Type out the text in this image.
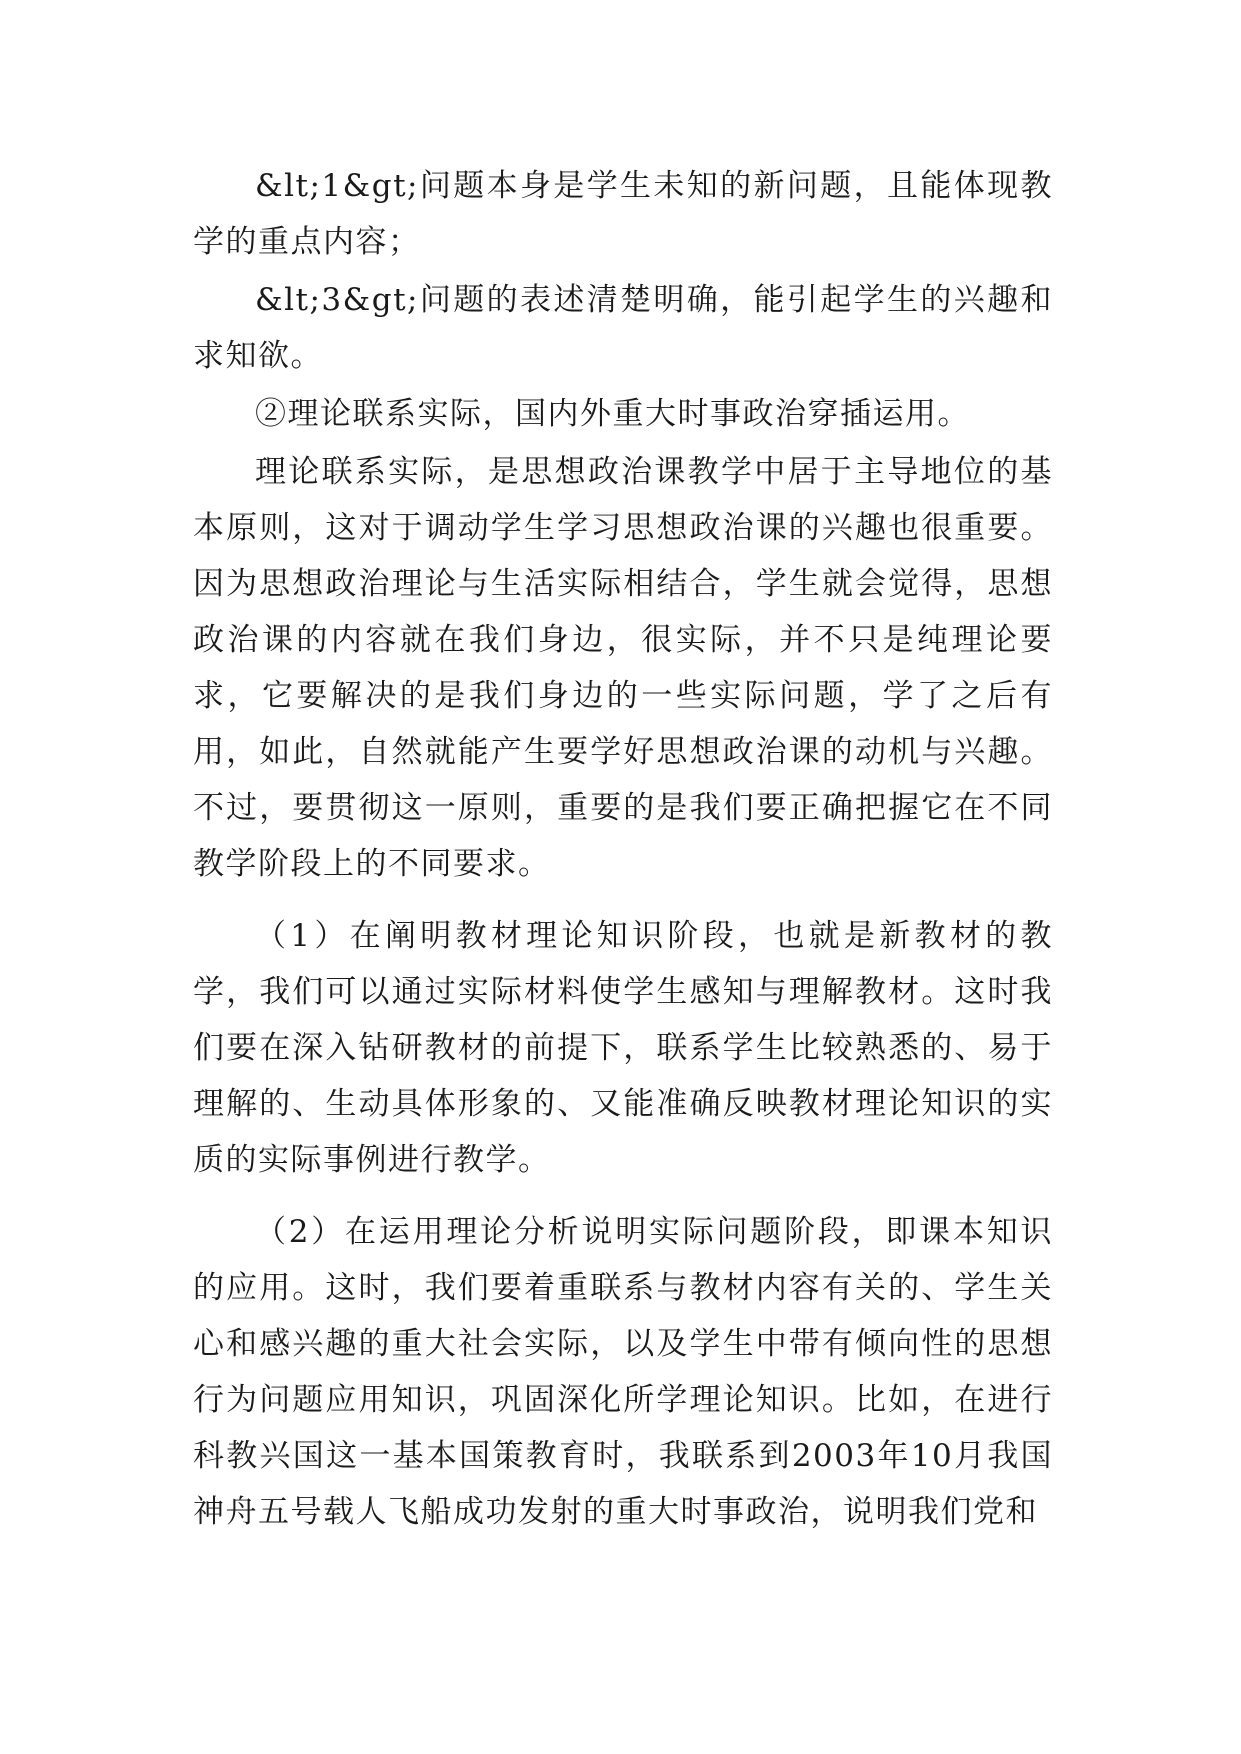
&lt;1&gt;问题本身是学生未知的新问题，且能体现教学的重点内容；

&lt;3&gt;问题的表述清楚明确，能引起学生的兴趣和求知欲。

②理论联系实际，国内外重大时事政治穿插运用。

理论联系实际，是思想政治课教学中居于主导地位的基本原则，这对于调动学生学习思想政治课的兴趣也很重要。因为思想政治理论与生活实际相结合，学生就会觉得，思想政治课的内容就在我们身边，很实际，并不只是纯理论要求，它要解决的是我们身边的一些实际问题，学了之后有用，如此，自然就能产生要学好思想政治课的动机与兴趣。不过，要贯彻这一原则，重要的是我们要正确把握它在不同教学阶段上的不同要求。

（1）在阐明教材理论知识阶段，也就是新教材的教学，我们可以通过实际材料使学生感知与理解教材。这时我们要在深入钻研教材的前提下，联系学生比较熟悉的、易于理解的、生动具体形象的、又能准确反映教材理论知识的实质的实际事例进行教学。

（2）在运用理论分析说明实际问题阶段，即课本知识的应用。这时，我们要着重联系与教材内容有关的、学生关心和感兴趣的重大社会实际，以及学生中带有倾向性的思想行为问题应用知识，巩固深化所学理论知识。比如，在进行科教兴国这一基本国策教育时，我联系到2003年10月我国神舟五号载人飞船成功发射的重大时事政治，说明我们党和
